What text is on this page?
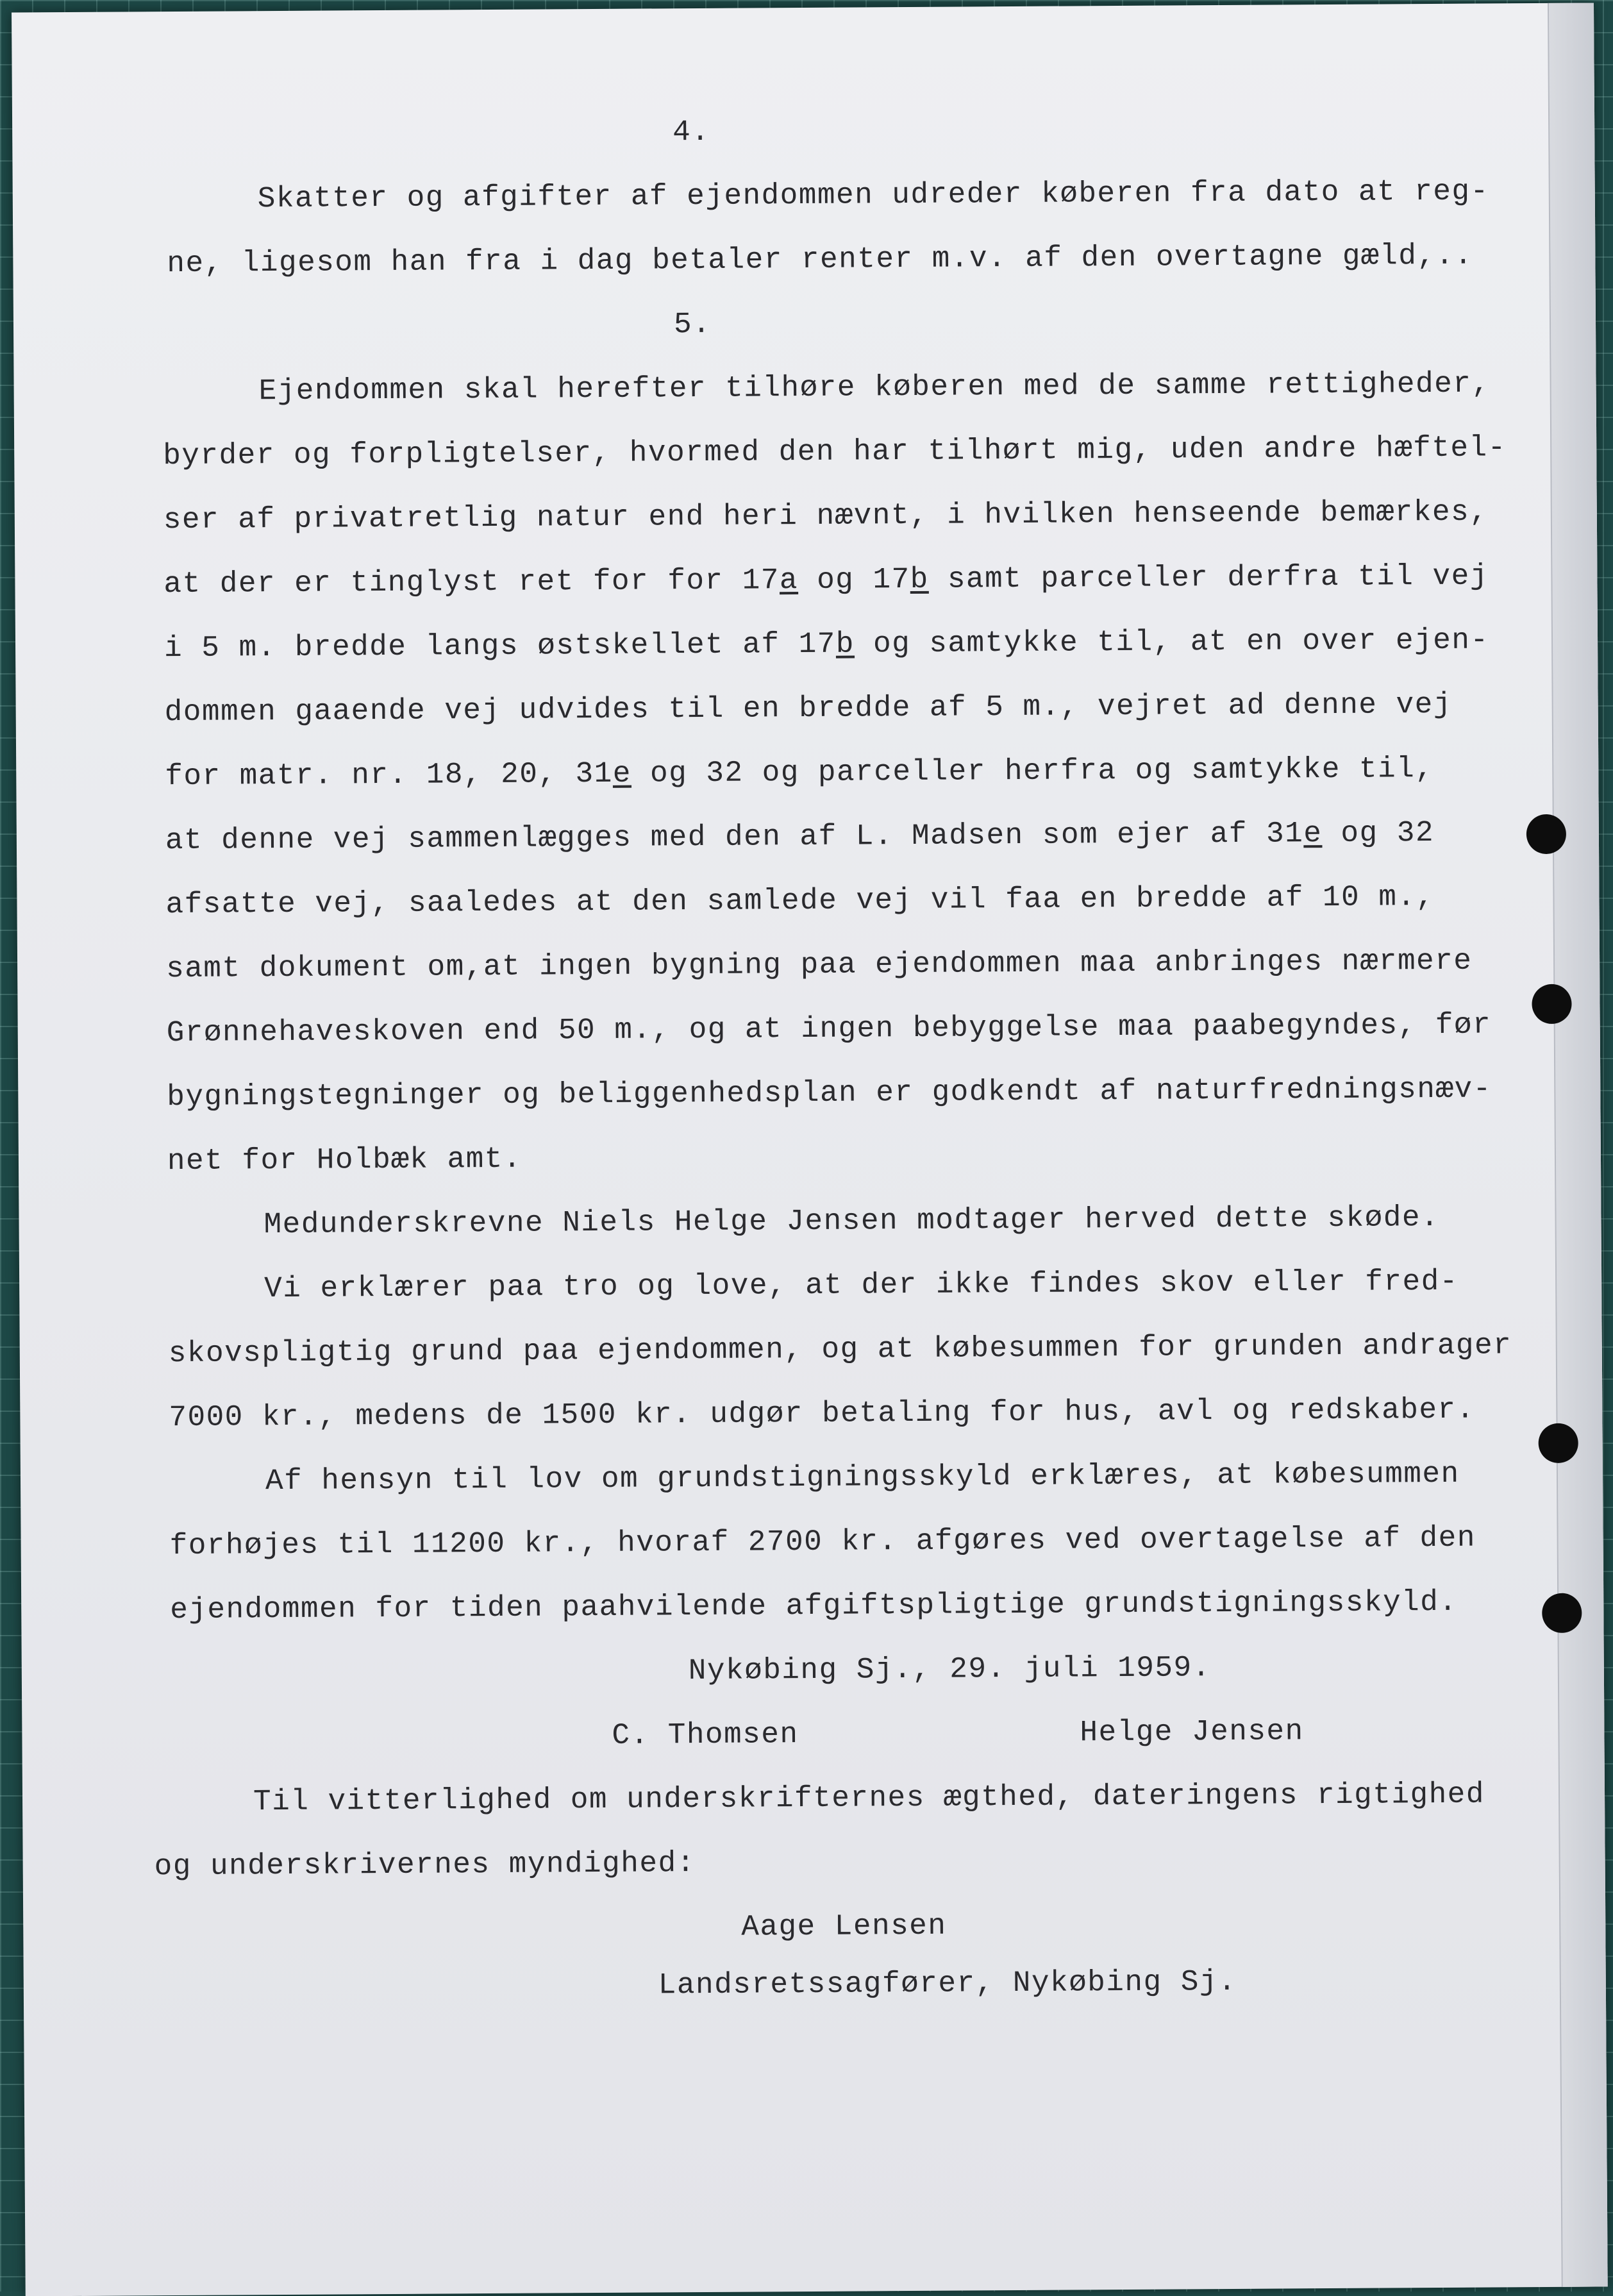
4.
Skatter og afgifter af ejendommen udreder køberen fra dato at reg-
ne, ligesom han fra i dag betaler renter m.v. af den overtagne gæld,..
5.
Ejendommen skal herefter tilhøre køberen med de samme rettigheder,
byrder og forpligtelser, hvormed den har tilhørt mig, uden andre hæftel-
ser af privatretlig natur end heri nævnt, i hvilken henseende bemærkes,
at der er tinglyst ret for for 17a og 17b samt parceller derfra til vej
i 5 m. bredde langs østskellet af 17b og samtykke til, at en over ejen-
dommen gaaende vej udvides til en bredde af 5 m., vejret ad denne vej
for matr. nr. 18, 20, 31e og 32 og parceller herfra og samtykke til,
at denne vej sammenlægges med den af L. Madsen som ejer af 31e og 32
afsatte vej, saaledes at den samlede vej vil faa en bredde af 10 m.,
samt dokument om,at ingen bygning paa ejendommen maa anbringes nærmere
Grønnehaveskoven end 50 m., og at ingen bebyggelse maa paabegyndes, før
bygningstegninger og beliggenhedsplan er godkendt af naturfredningsnæv-
net for Holbæk amt.
Medunderskrevne Niels Helge Jensen modtager herved dette skøde.
Vi erklærer paa tro og love, at der ikke findes skov eller fred-
skovspligtig grund paa ejendommen, og at købesummen for grunden andrager
7000 kr., medens de 1500 kr. udgør betaling for hus, avl og redskaber.
Af hensyn til lov om grundstigningsskyld erklæres, at købesummen
forhøjes til 11200 kr., hvoraf 2700 kr. afgøres ved overtagelse af den
ejendommen for tiden paahvilende afgiftspligtige grundstigningsskyld.
Nykøbing Sj., 29. juli 1959.
C. Thomsen	Helge Jensen
Til vitterlighed om underskrifternes ægthed, dateringens rigtighed
og underskrivernes myndighed:
Aage Lensen
Landsretssagfører, Nykøbing Sj.
